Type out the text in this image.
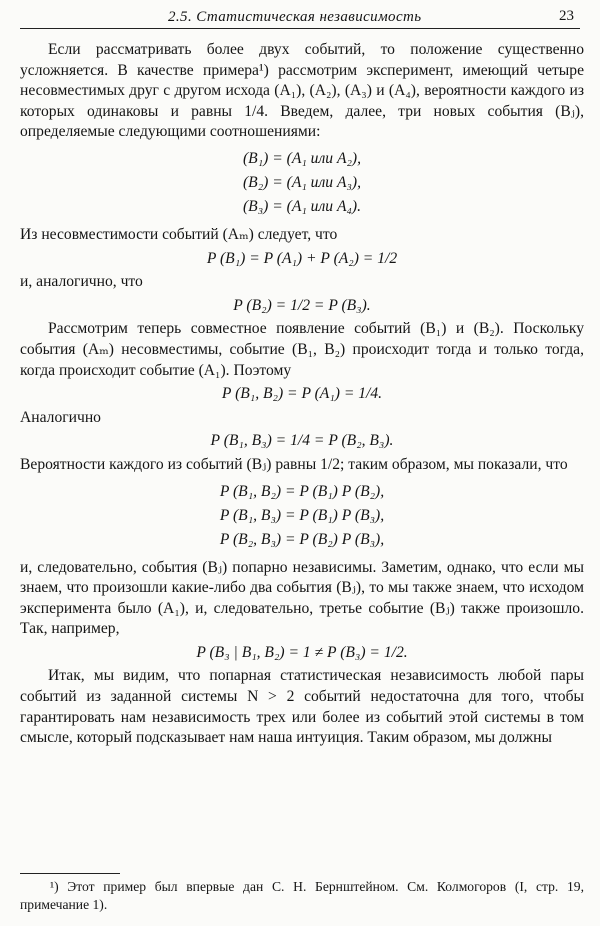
2.5. Статистическая независимость	23

Если рассматривать более двух событий, то положение существенно усложняется. В качестве примера¹) рассмотрим эксперимент, имеющий четыре несовместимых друг с другом исхода (A₁), (A₂), (A₃) и (A₄), вероятности каждого из которых одинаковы и равны 1/4. Введем, далее, три новых события (Bⱼ), определяемые следующими соотношениями:

(B₁) = (A₁ или A₂),
(B₂) = (A₁ или A₃),
(B₃) = (A₁ или A₄).

Из несовместимости событий (Aₘ) следует, что

P (B₁) = P (A₁) + P (A₂) = 1/2

и, аналогично, что

P (B₂) = 1/2 = P (B₃).

Рассмотрим теперь совместное появление событий (B₁) и (B₂). Поскольку события (Aₘ) несовместимы, событие (B₁, B₂) происходит тогда и только тогда, когда происходит событие (A₁). Поэтому

P (B₁, B₂) = P (A₁) = 1/4.

Аналогично

P (B₁, B₃) = 1/4 = P (B₂, B₃).

Вероятности каждого из событий (Bⱼ) равны 1/2; таким образом, мы показали, что

P (B₁, B₂) = P (B₁) P (B₂),
P (B₁, B₃) = P (B₁) P (B₃),
P (B₂, B₃) = P (B₂) P (B₃),

и, следовательно, события (Bⱼ) попарно независимы. Заметим, однако, что если мы знаем, что произошли какие-либо два события (Bⱼ), то мы также знаем, что исходом эксперимента было (A₁), и, следовательно, третье событие (Bⱼ) также произошло. Так, например,

P (B₃ | B₁, B₂) = 1 ≠ P (B₃) = 1/2.

Итак, мы видим, что попарная статистическая независимость любой пары событий из заданной системы N > 2 событий недостаточна для того, чтобы гарантировать нам независимость трех или более из событий этой системы в том смысле, который подсказывает нам наша интуиция. Таким образом, мы должны

¹) Этот пример был впервые дан С. Н. Бернштейном. См. Колмогоров (I, стр. 19, примечание 1).
